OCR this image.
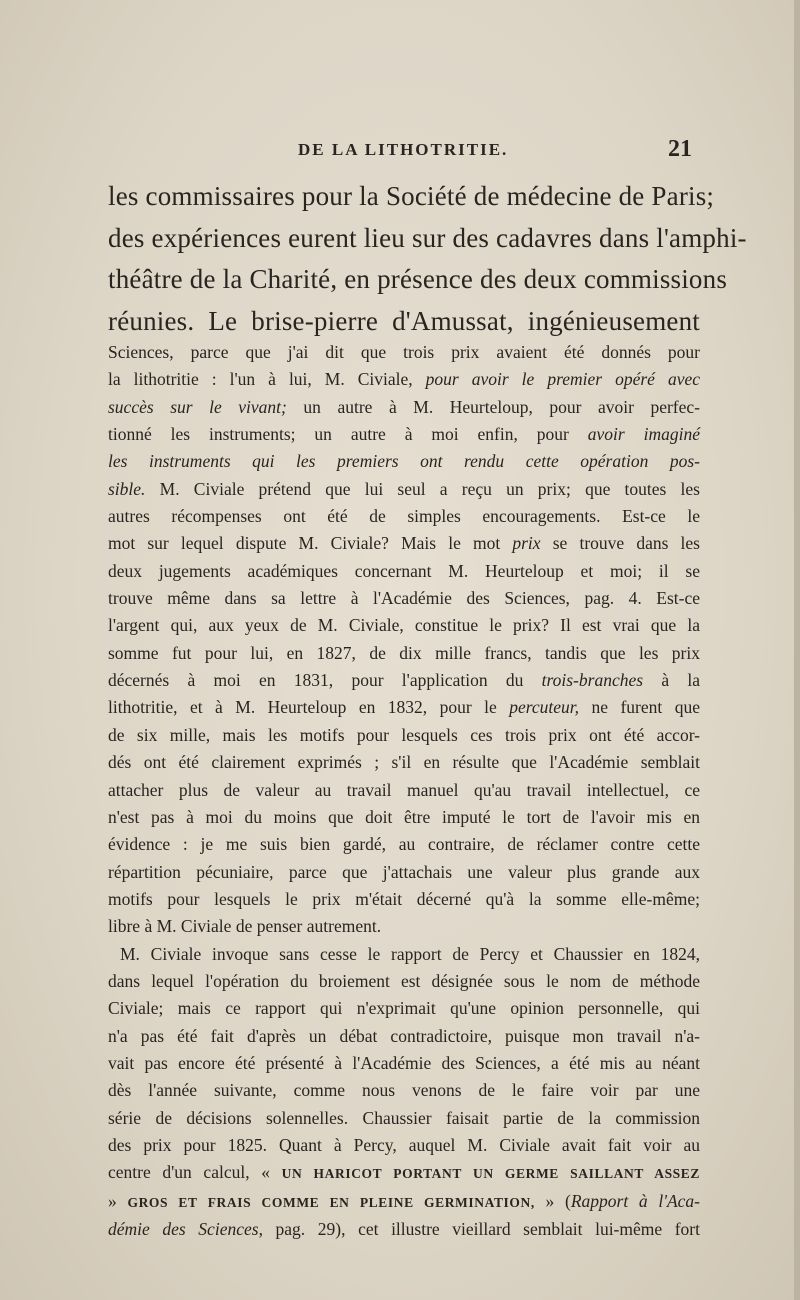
DE LA LITHOTRITIE.	21
les commissaires pour la Société de médecine de Paris;
des expériences eurent lieu sur des cadavres dans l'amphi-
théâtre de la Charité, en présence des deux commissions
réunies. Le brise-pierre d'Amussat, ingénieusement
Sciences, parce que j'ai dit que trois prix avaient été donnés pour
la lithotritie : l'un à lui, M. Civiale, pour avoir le premier opéré avec
succès sur le vivant; un autre à M. Heurteloup, pour avoir perfec-
tionné les instruments; un autre à moi enfin, pour avoir imaginé
les instruments qui les premiers ont rendu cette opération pos-
sible. M. Civiale prétend que lui seul a reçu un prix; que toutes les
autres récompenses ont été de simples encouragements. Est-ce le
mot sur lequel dispute M. Civiale? Mais le mot prix se trouve dans les
deux jugements académiques concernant M. Heurteloup et moi; il se
trouve même dans sa lettre à l'Académie des Sciences, pag. 4. Est-ce
l'argent qui, aux yeux de M. Civiale, constitue le prix? Il est vrai que la
somme fut pour lui, en 1827, de dix mille francs, tandis que les prix
décernés à moi en 1831, pour l'application du trois-branches à la
lithotritie, et à M. Heurteloup en 1832, pour le percuteur, ne furent que
de six mille, mais les motifs pour lesquels ces trois prix ont été accor-
dés ont été clairement exprimés ; s'il en résulte que l'Académie semblait
attacher plus de valeur au travail manuel qu'au travail intellectuel, ce
n'est pas à moi du moins que doit être imputé le tort de l'avoir mis en
évidence : je me suis bien gardé, au contraire, de réclamer contre cette
répartition pécuniaire, parce que j'attachais une valeur plus grande aux
motifs pour lesquels le prix m'était décerné qu'à la somme elle-même;
libre à M. Civiale de penser autrement.
M. Civiale invoque sans cesse le rapport de Percy et Chaussier en 1824,
dans lequel l'opération du broiement est désignée sous le nom de méthode
Civiale; mais ce rapport qui n'exprimait qu'une opinion personnelle, qui
n'a pas été fait d'après un débat contradictoire, puisque mon travail n'a-
vait pas encore été présenté à l'Académie des Sciences, a été mis au néant
dès l'année suivante, comme nous venons de le faire voir par une
série de décisions solennelles. Chaussier faisait partie de la commission
des prix pour 1825. Quant à Percy, auquel M. Civiale avait fait voir au
centre d'un calcul, « UN HARICOT PORTANT UN GERME SAILLANT ASSEZ
» GROS ET FRAIS COMME EN PLEINE GERMINATION, » (Rapport à l'Aca-
démie des Sciences, pag. 29), cet illustre vieillard semblait lui-même fort
